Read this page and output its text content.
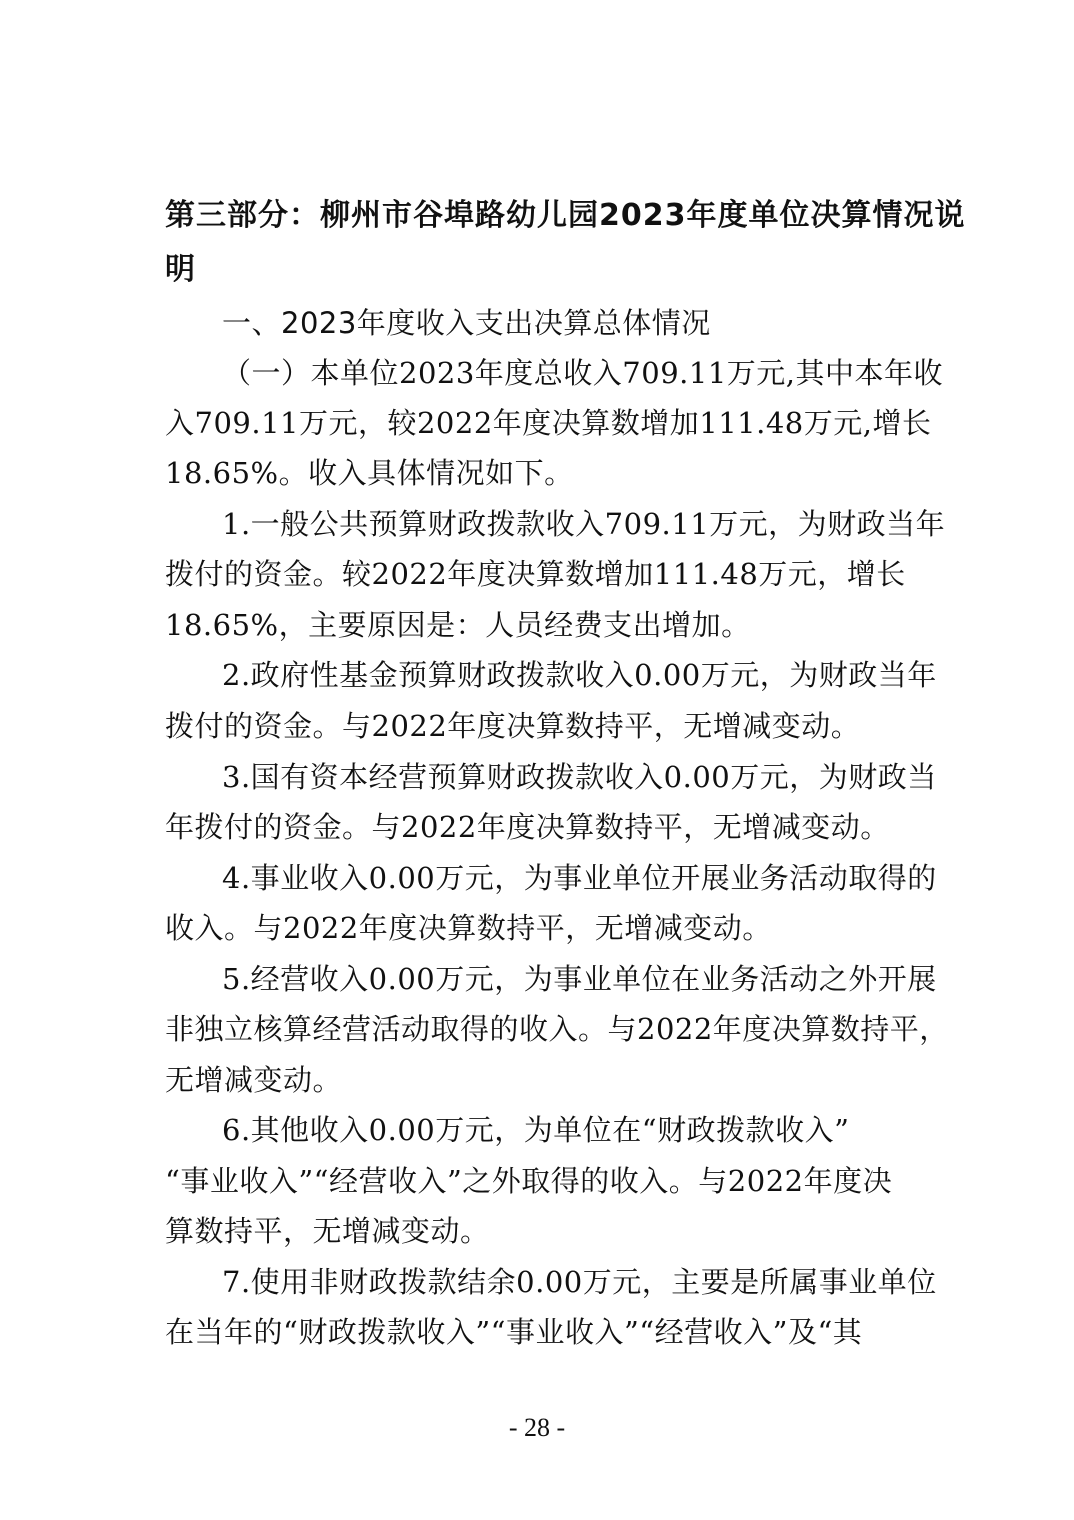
第三部分：柳州市谷埠路幼儿园2023年度单位决算情况说
明
一、2023年度收入支出决算总体情况
（一）本单位2023年度总收入709.11万元,其中本年收
入709.11万元，较2022年度决算数增加111.48万元,增长
18.65%。收入具体情况如下。
1.一般公共预算财政拨款收入709.11万元，为财政当年
拨付的资金。较2022年度决算数增加111.48万元，增长
18.65%，主要原因是：人员经费支出增加。
2.政府性基金预算财政拨款收入0.00万元，为财政当年
拨付的资金。与2022年度决算数持平，无增减变动。
3.国有资本经营预算财政拨款收入0.00万元，为财政当
年拨付的资金。与2022年度决算数持平，无增减变动。
4.事业收入0.00万元，为事业单位开展业务活动取得的
收入。与2022年度决算数持平，无增减变动。
5.经营收入0.00万元，为事业单位在业务活动之外开展
非独立核算经营活动取得的收入。与2022年度决算数持平，
无增减变动。
6.其他收入0.00万元，为单位在“财政拨款收入”
“事业收入”“经营收入”之外取得的收入。与2022年度决
算数持平，无增减变动。
7.使用非财政拨款结余0.00万元，主要是所属事业单位
在当年的“财政拨款收入”“事业收入”“经营收入”及“其
- 28 -
